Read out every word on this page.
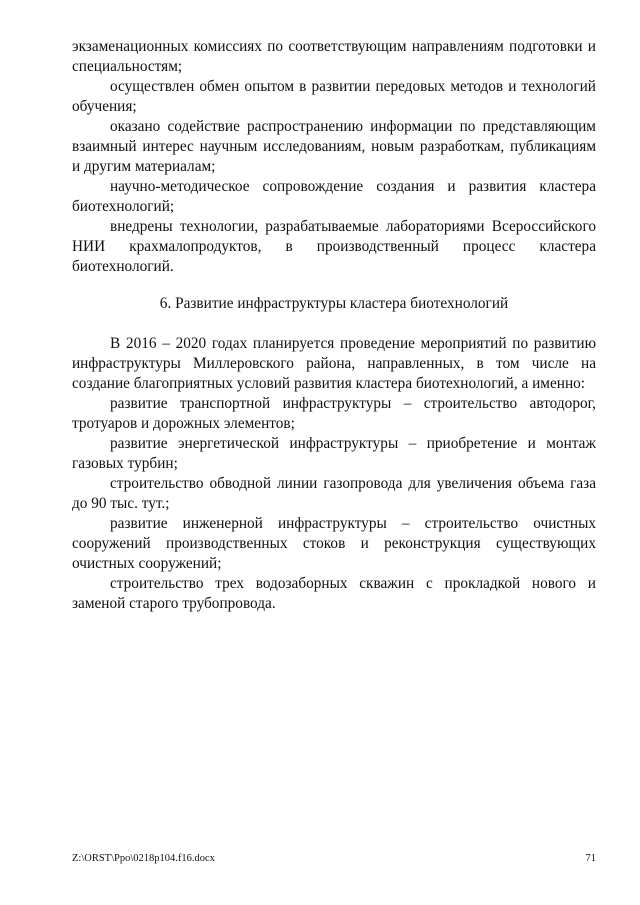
экзаменационных комиссиях по соответствующим направлениям подготовки и специальностям;

осуществлен обмен опытом в развитии передовых методов и технологий обучения;

оказано содействие распространению информации по представляющим взаимный интерес научным исследованиям, новым разработкам, публикациям и другим материалам;

научно-методическое сопровождение создания и развития кластера биотехнологий;

внедрены технологии, разрабатываемые лабораториями Всероссийского НИИ крахмалопродуктов, в производственный процесс кластера биотехнологий.

6. Развитие инфраструктуры кластера биотехнологий

В 2016 – 2020 годах планируется проведение мероприятий по развитию инфраструктуры Миллеровского района, направленных, в том числе на создание благоприятных условий развития кластера биотехнологий, а именно:

развитие транспортной инфраструктуры – строительство автодорог, тротуаров и дорожных элементов;

развитие энергетической инфраструктуры – приобретение и монтаж газовых турбин;

строительство обводной линии газопровода для увеличения объема газа до 90 тыс. тут.;

развитие инженерной инфраструктуры – строительство очистных сооружений производственных стоков и реконструкция существующих очистных сооружений;

строительство трех водозаборных скважин с прокладкой нового и заменой старого трубопровода.

Z:\ORST\Ppo\0218p104.f16.docx	71
